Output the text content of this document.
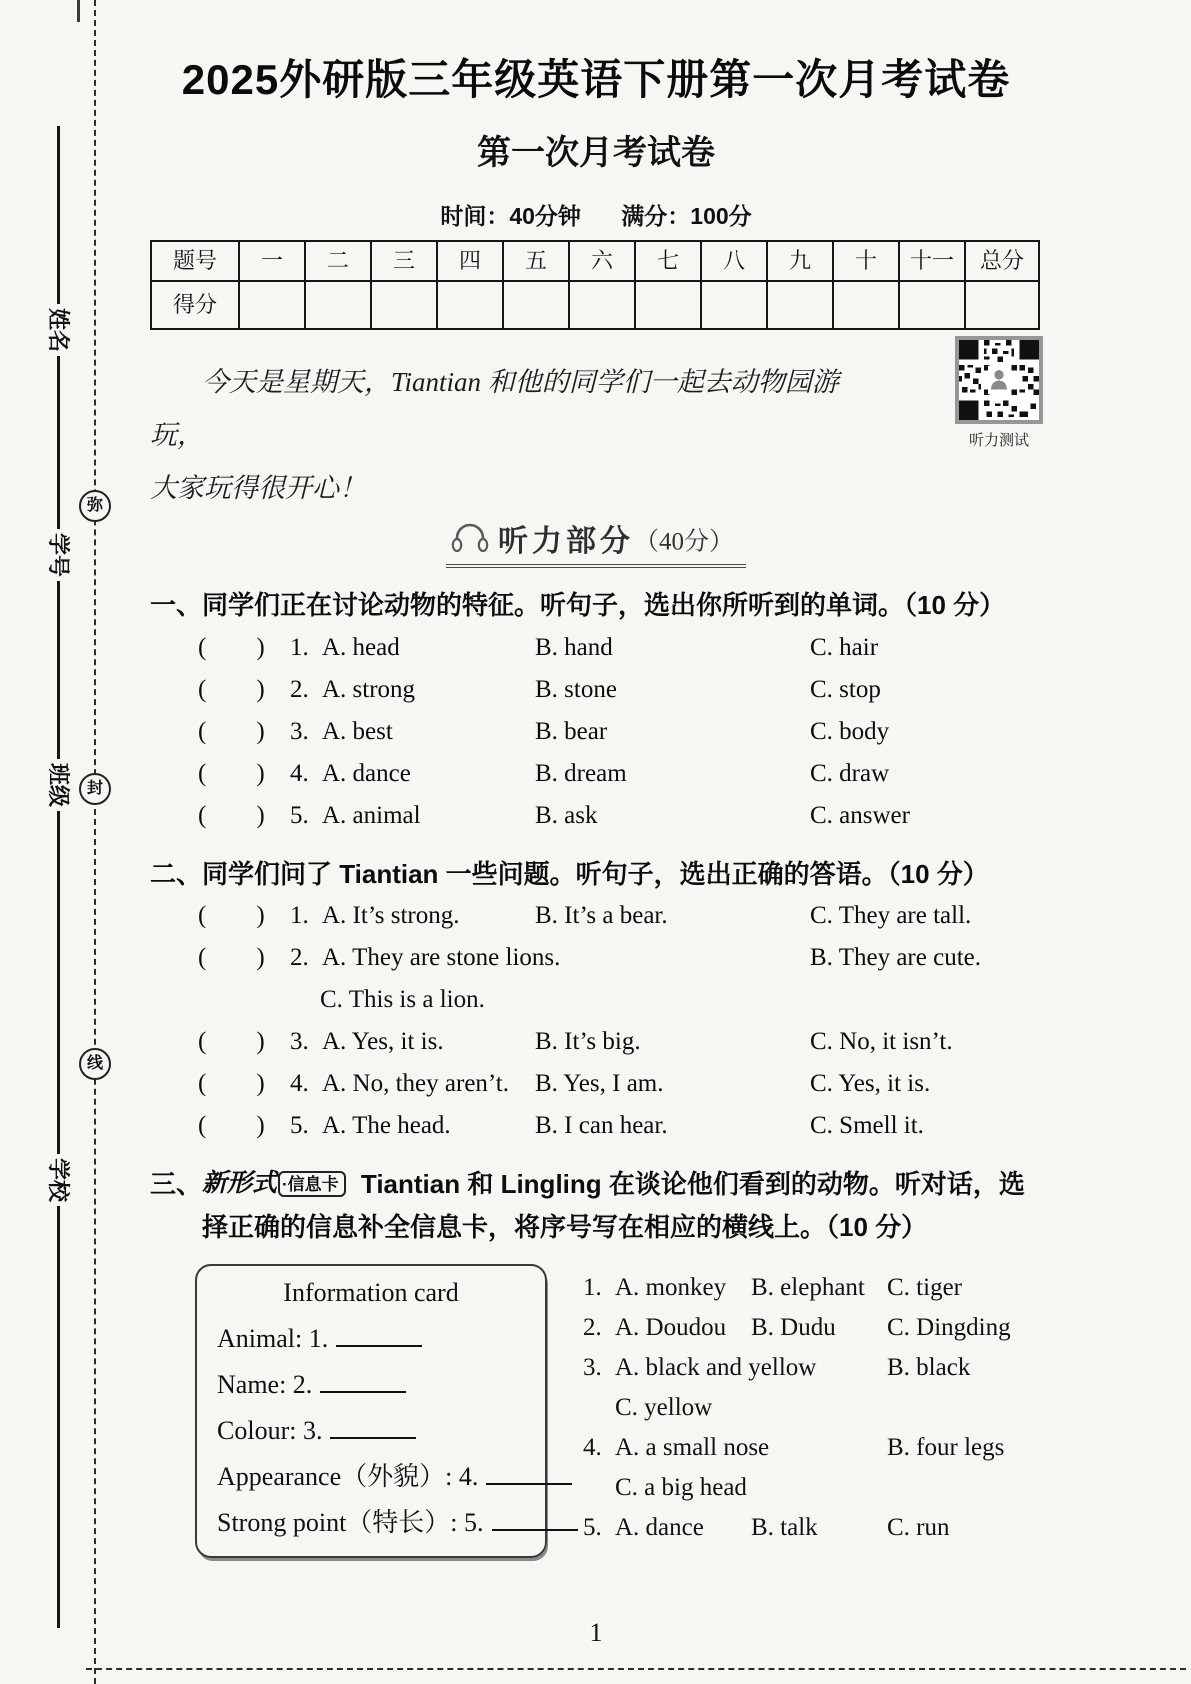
姓名
学号
班级
学校
弥
封
线
听力测试
2025外研版三年级英语下册第一次月考试卷
第一次月考试卷
时间：40分钟 满分：100分
题号	一	二	三	四	五	六	七	八	九	十	十一	总分
得分												
今天是星期天，Tiantian 和他的同学们一起去动物园游玩，
大家玩得很开心！
听力部分（40分）
一、 同学们正在讨论动物的特征。听句子，选出你所听到的单词。（10 分）
(        )	1. A. head	B. hand	C. hair
(        )	2. A. strong	B. stone	C. stop
(        )	3. A. best	B. bear	C. body
(        )	4. A. dance	B. dream	C. draw
(        )	5. A. animal	B. ask	C. answer
二、 同学们问了 Tiantian 一些问题。听句子，选出正确的答语。（10 分）
(        )	1. A. It’s strong.	B. It’s a bear.	C. They are tall.
(        )	2. A. They are stone lions.	B. They are cute.
C. This is a lion.
(        )	3. A. Yes, it is.	B. It’s big.	C. No, it isn’t.
(        )	4. A. No, they aren’t.	B. Yes, I am.	C. Yes, it is.
(        )	5. A. The head.	B. I can hear.	C. Smell it.
三、 新形式 ·信息卡 Tiantian 和 Lingling 在谈论他们看到的动物。听对话，选择正确的信息补全信息卡，将序号写在相应的横线上。（10 分）
Information card
Animal: 1.
Name: 2.
Colour: 3.
Appearance（外貌）: 4.
Strong point（特长）: 5.
1. A. monkey B. elephant C. tiger
2. A. Doudou B. Dudu	C. Dingding
3. A. black and yellow	B. black
C. yellow
4. A. a small nose	B. four legs
C. a big head
5. A. dance	B. talk	C. run
1
